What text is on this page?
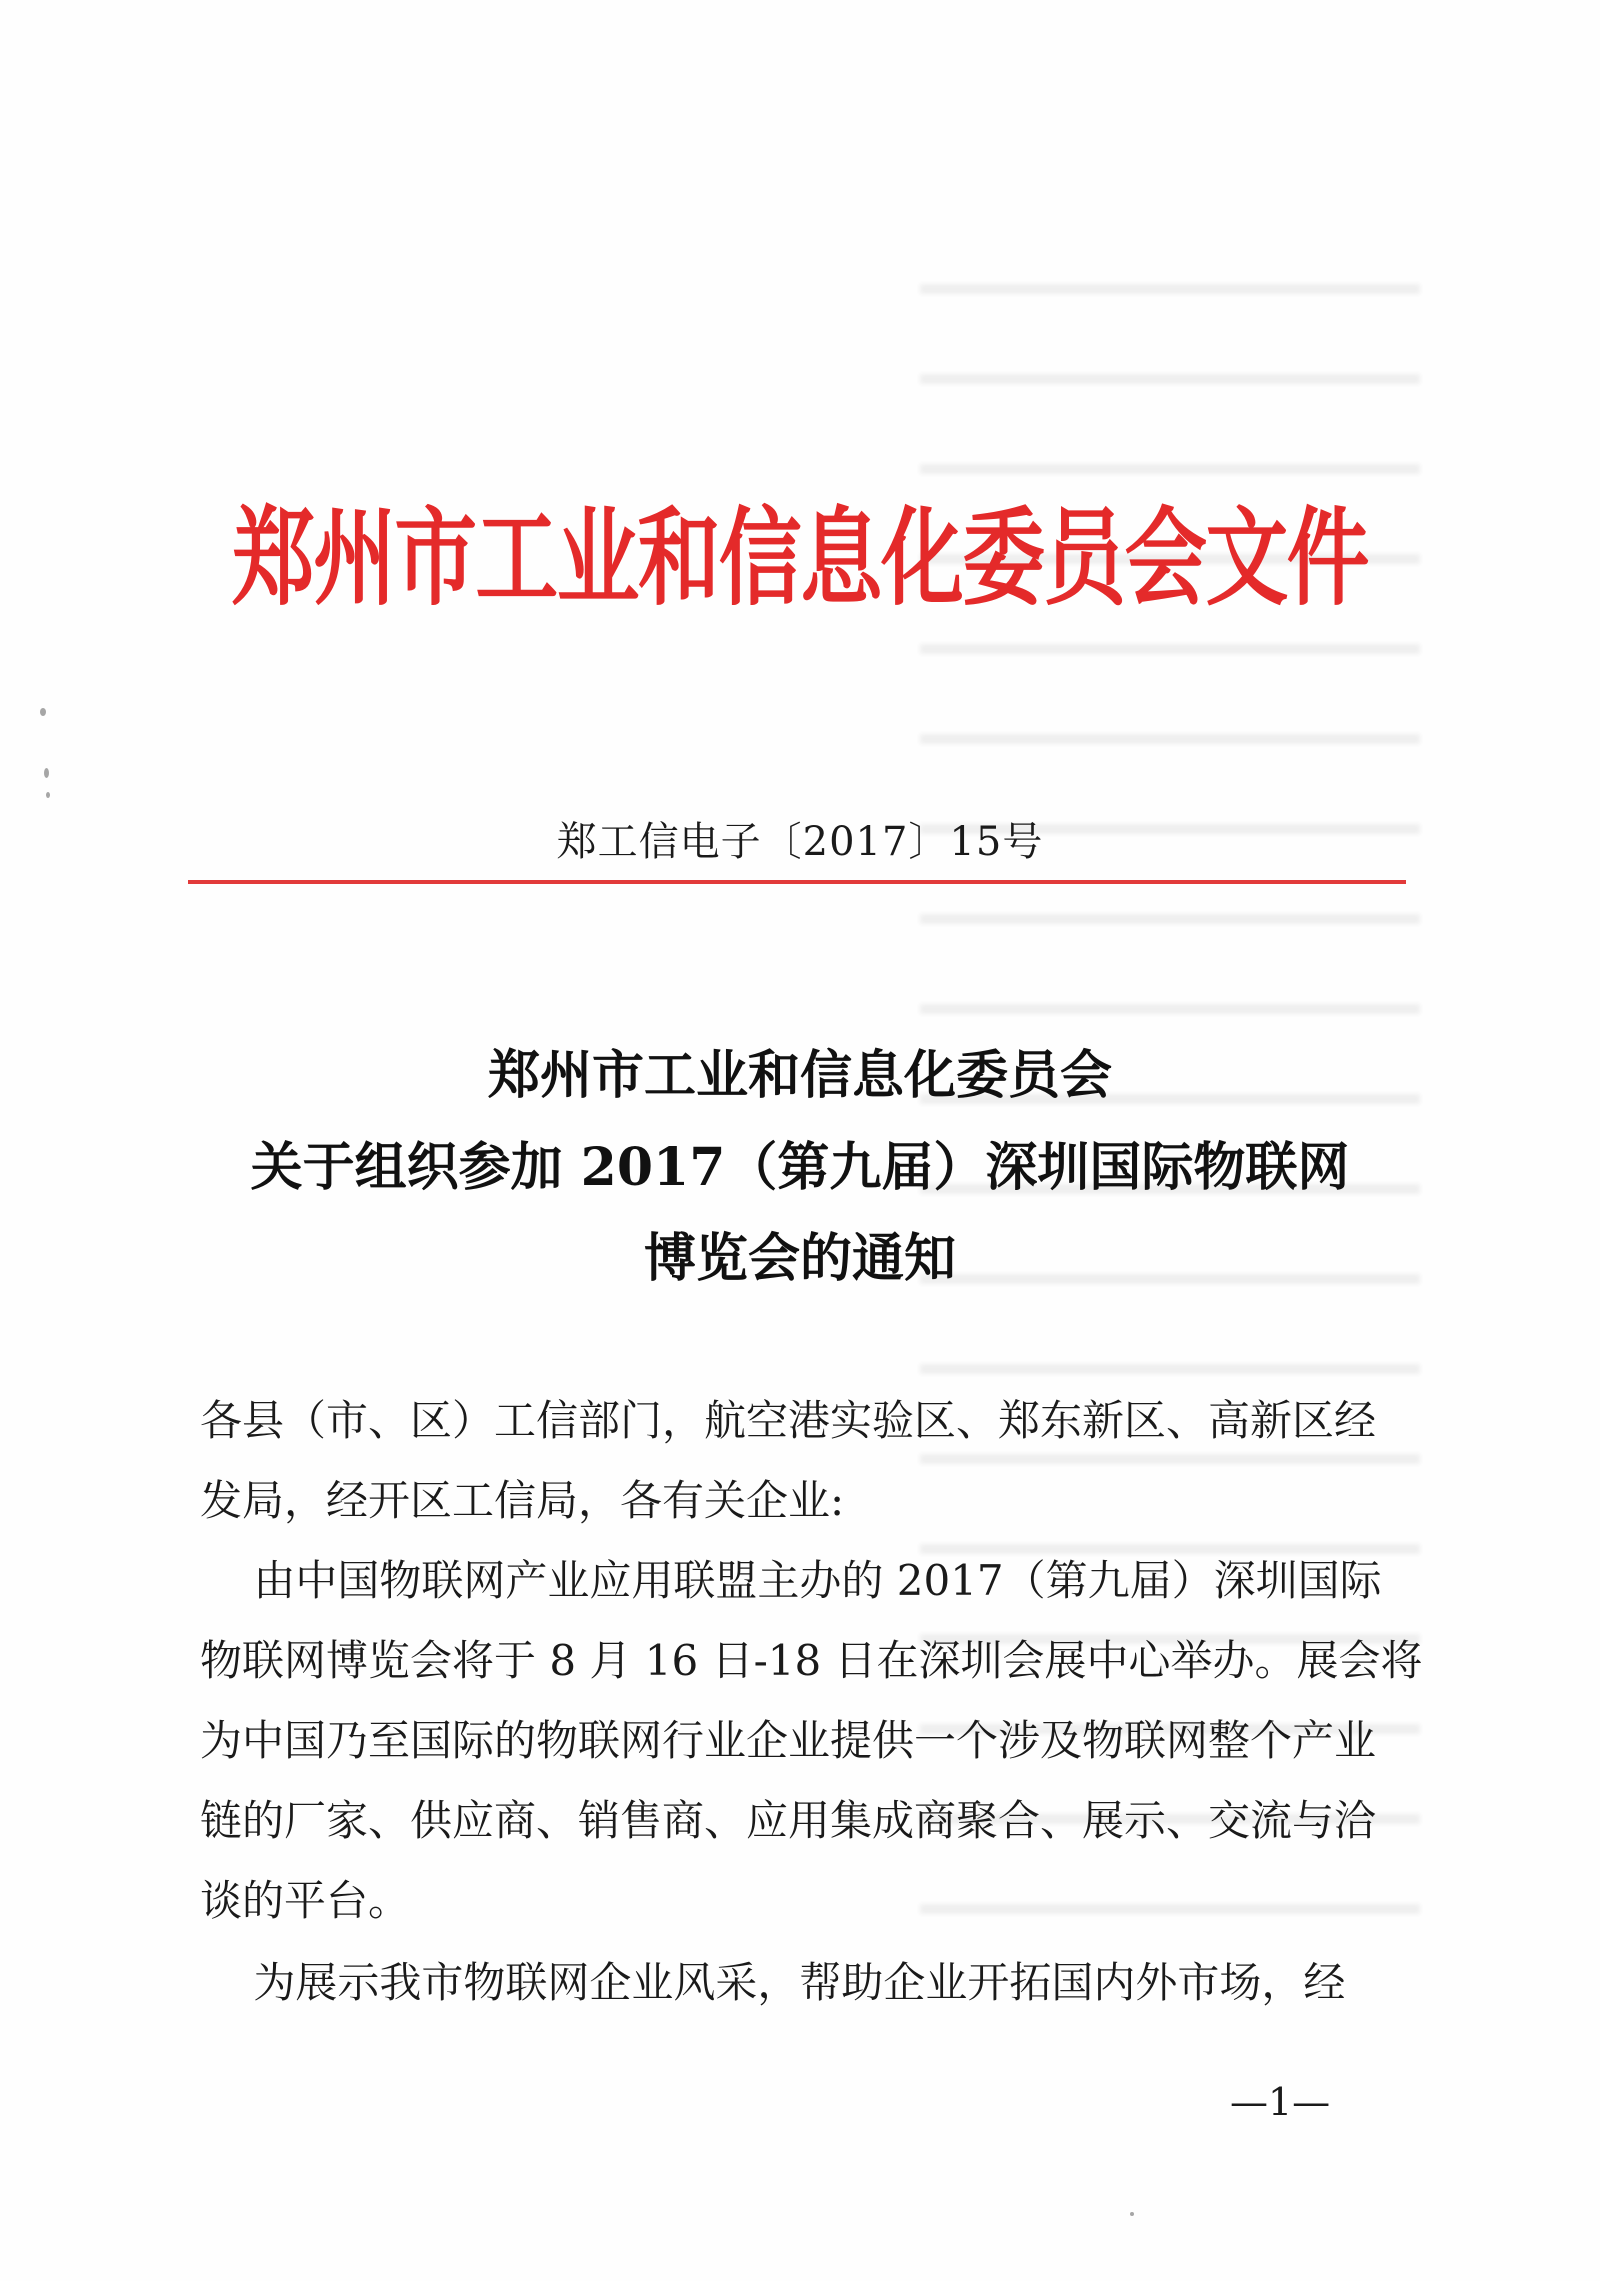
郑州市工业和信息化委员会文件
郑工信电子〔2017〕15号
郑州市工业和信息化委员会
关于组织参加 2017（第九届）深圳国际物联网
博览会的通知
各县（市、区）工信部门，航空港实验区、郑东新区、高新区经
发局，经开区工信局，各有关企业:
由中国物联网产业应用联盟主办的 2017（第九届）深圳国际
物联网博览会将于 8 月 16 日-18 日在深圳会展中心举办。展会将
为中国乃至国际的物联网行业企业提供一个涉及物联网整个产业
链的厂家、供应商、销售商、应用集成商聚合、展示、交流与洽
谈的平台。
为展示我市物联网企业风采，帮助企业开拓国内外市场，经
—1—
